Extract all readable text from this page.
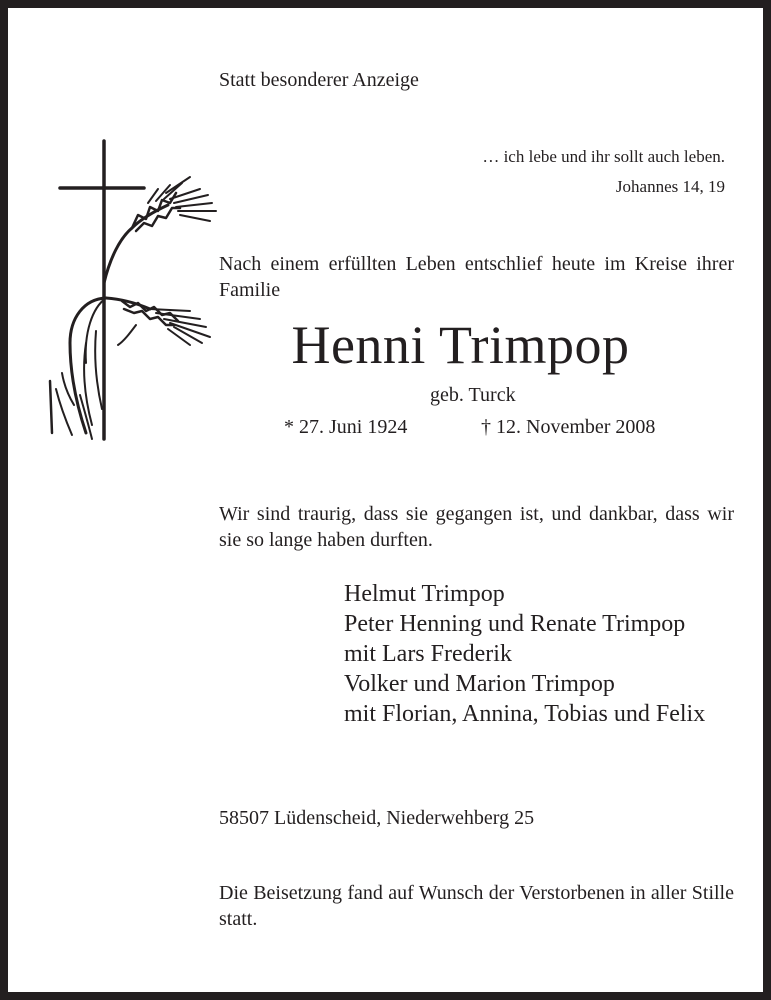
Statt besonderer Anzeige
… ich lebe und ihr sollt auch leben.
Johannes 14, 19
Nach einem erfüllten Leben entschlief heute im Kreise ihrer Familie
Henni Trimpop
geb. Turck
* 27. Juni 1924	† 12. November 2008
Wir sind traurig, dass sie gegangen ist, und dankbar, dass wir sie so lange haben durften.
Helmut Trimpop
Peter Henning und Renate Trimpop
mit Lars Frederik
Volker und Marion Trimpop
mit Florian, Annina, Tobias und Felix
58507 Lüdenscheid, Niederwehberg 25
Die Beisetzung fand auf Wunsch der Verstorbenen in aller Stille statt.
